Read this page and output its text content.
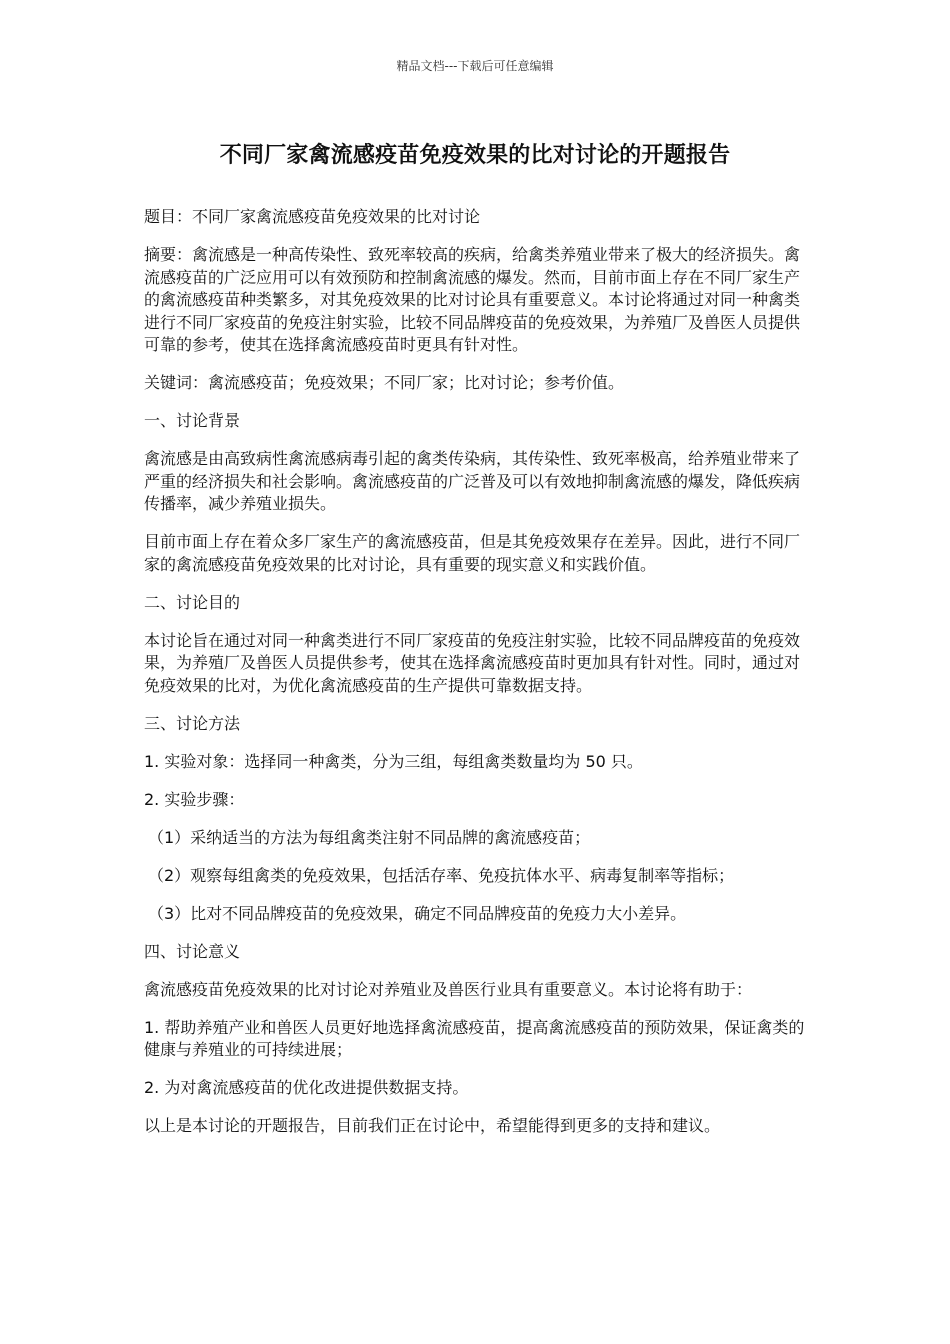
精品文档---下载后可任意编辑
不同厂家禽流感疫苗免疫效果的比对讨论的开题报告

题目：不同厂家禽流感疫苗免疫效果的比对讨论

摘要：禽流感是一种高传染性、致死率较高的疾病，给禽类养殖业带来了极大的经济损失。禽流感疫苗的广泛应用可以有效预防和控制禽流感的爆发。然而，目前市面上存在不同厂家生产的禽流感疫苗种类繁多，对其免疫效果的比对讨论具有重要意义。本讨论将通过对同一种禽类进行不同厂家疫苗的免疫注射实验，比较不同品牌疫苗的免疫效果，为养殖厂及兽医人员提供可靠的参考，使其在选择禽流感疫苗时更具有针对性。

关键词：禽流感疫苗；免疫效果；不同厂家；比对讨论；参考价值。

一、讨论背景

禽流感是由高致病性禽流感病毒引起的禽类传染病，其传染性、致死率极高，给养殖业带来了严重的经济损失和社会影响。禽流感疫苗的广泛普及可以有效地抑制禽流感的爆发，降低疾病传播率，减少养殖业损失。

目前市面上存在着众多厂家生产的禽流感疫苗，但是其免疫效果存在差异。因此，进行不同厂家的禽流感疫苗免疫效果的比对讨论，具有重要的现实意义和实践价值。

二、讨论目的

本讨论旨在通过对同一种禽类进行不同厂家疫苗的免疫注射实验，比较不同品牌疫苗的免疫效果，为养殖厂及兽医人员提供参考，使其在选择禽流感疫苗时更加具有针对性。同时，通过对免疫效果的比对，为优化禽流感疫苗的生产提供可靠数据支持。

三、讨论方法

1. 实验对象：选择同一种禽类，分为三组，每组禽类数量均为 50 只。

2. 实验步骤：

（1）采纳适当的方法为每组禽类注射不同品牌的禽流感疫苗；

（2）观察每组禽类的免疫效果，包括活存率、免疫抗体水平、病毒复制率等指标；

（3）比对不同品牌疫苗的免疫效果，确定不同品牌疫苗的免疫力大小差异。

四、讨论意义

禽流感疫苗免疫效果的比对讨论对养殖业及兽医行业具有重要意义。本讨论将有助于：

1. 帮助养殖产业和兽医人员更好地选择禽流感疫苗，提高禽流感疫苗的预防效果，保证禽类的健康与养殖业的可持续进展；

2. 为对禽流感疫苗的优化改进提供数据支持。

以上是本讨论的开题报告，目前我们正在讨论中，希望能得到更多的支持和建议。
